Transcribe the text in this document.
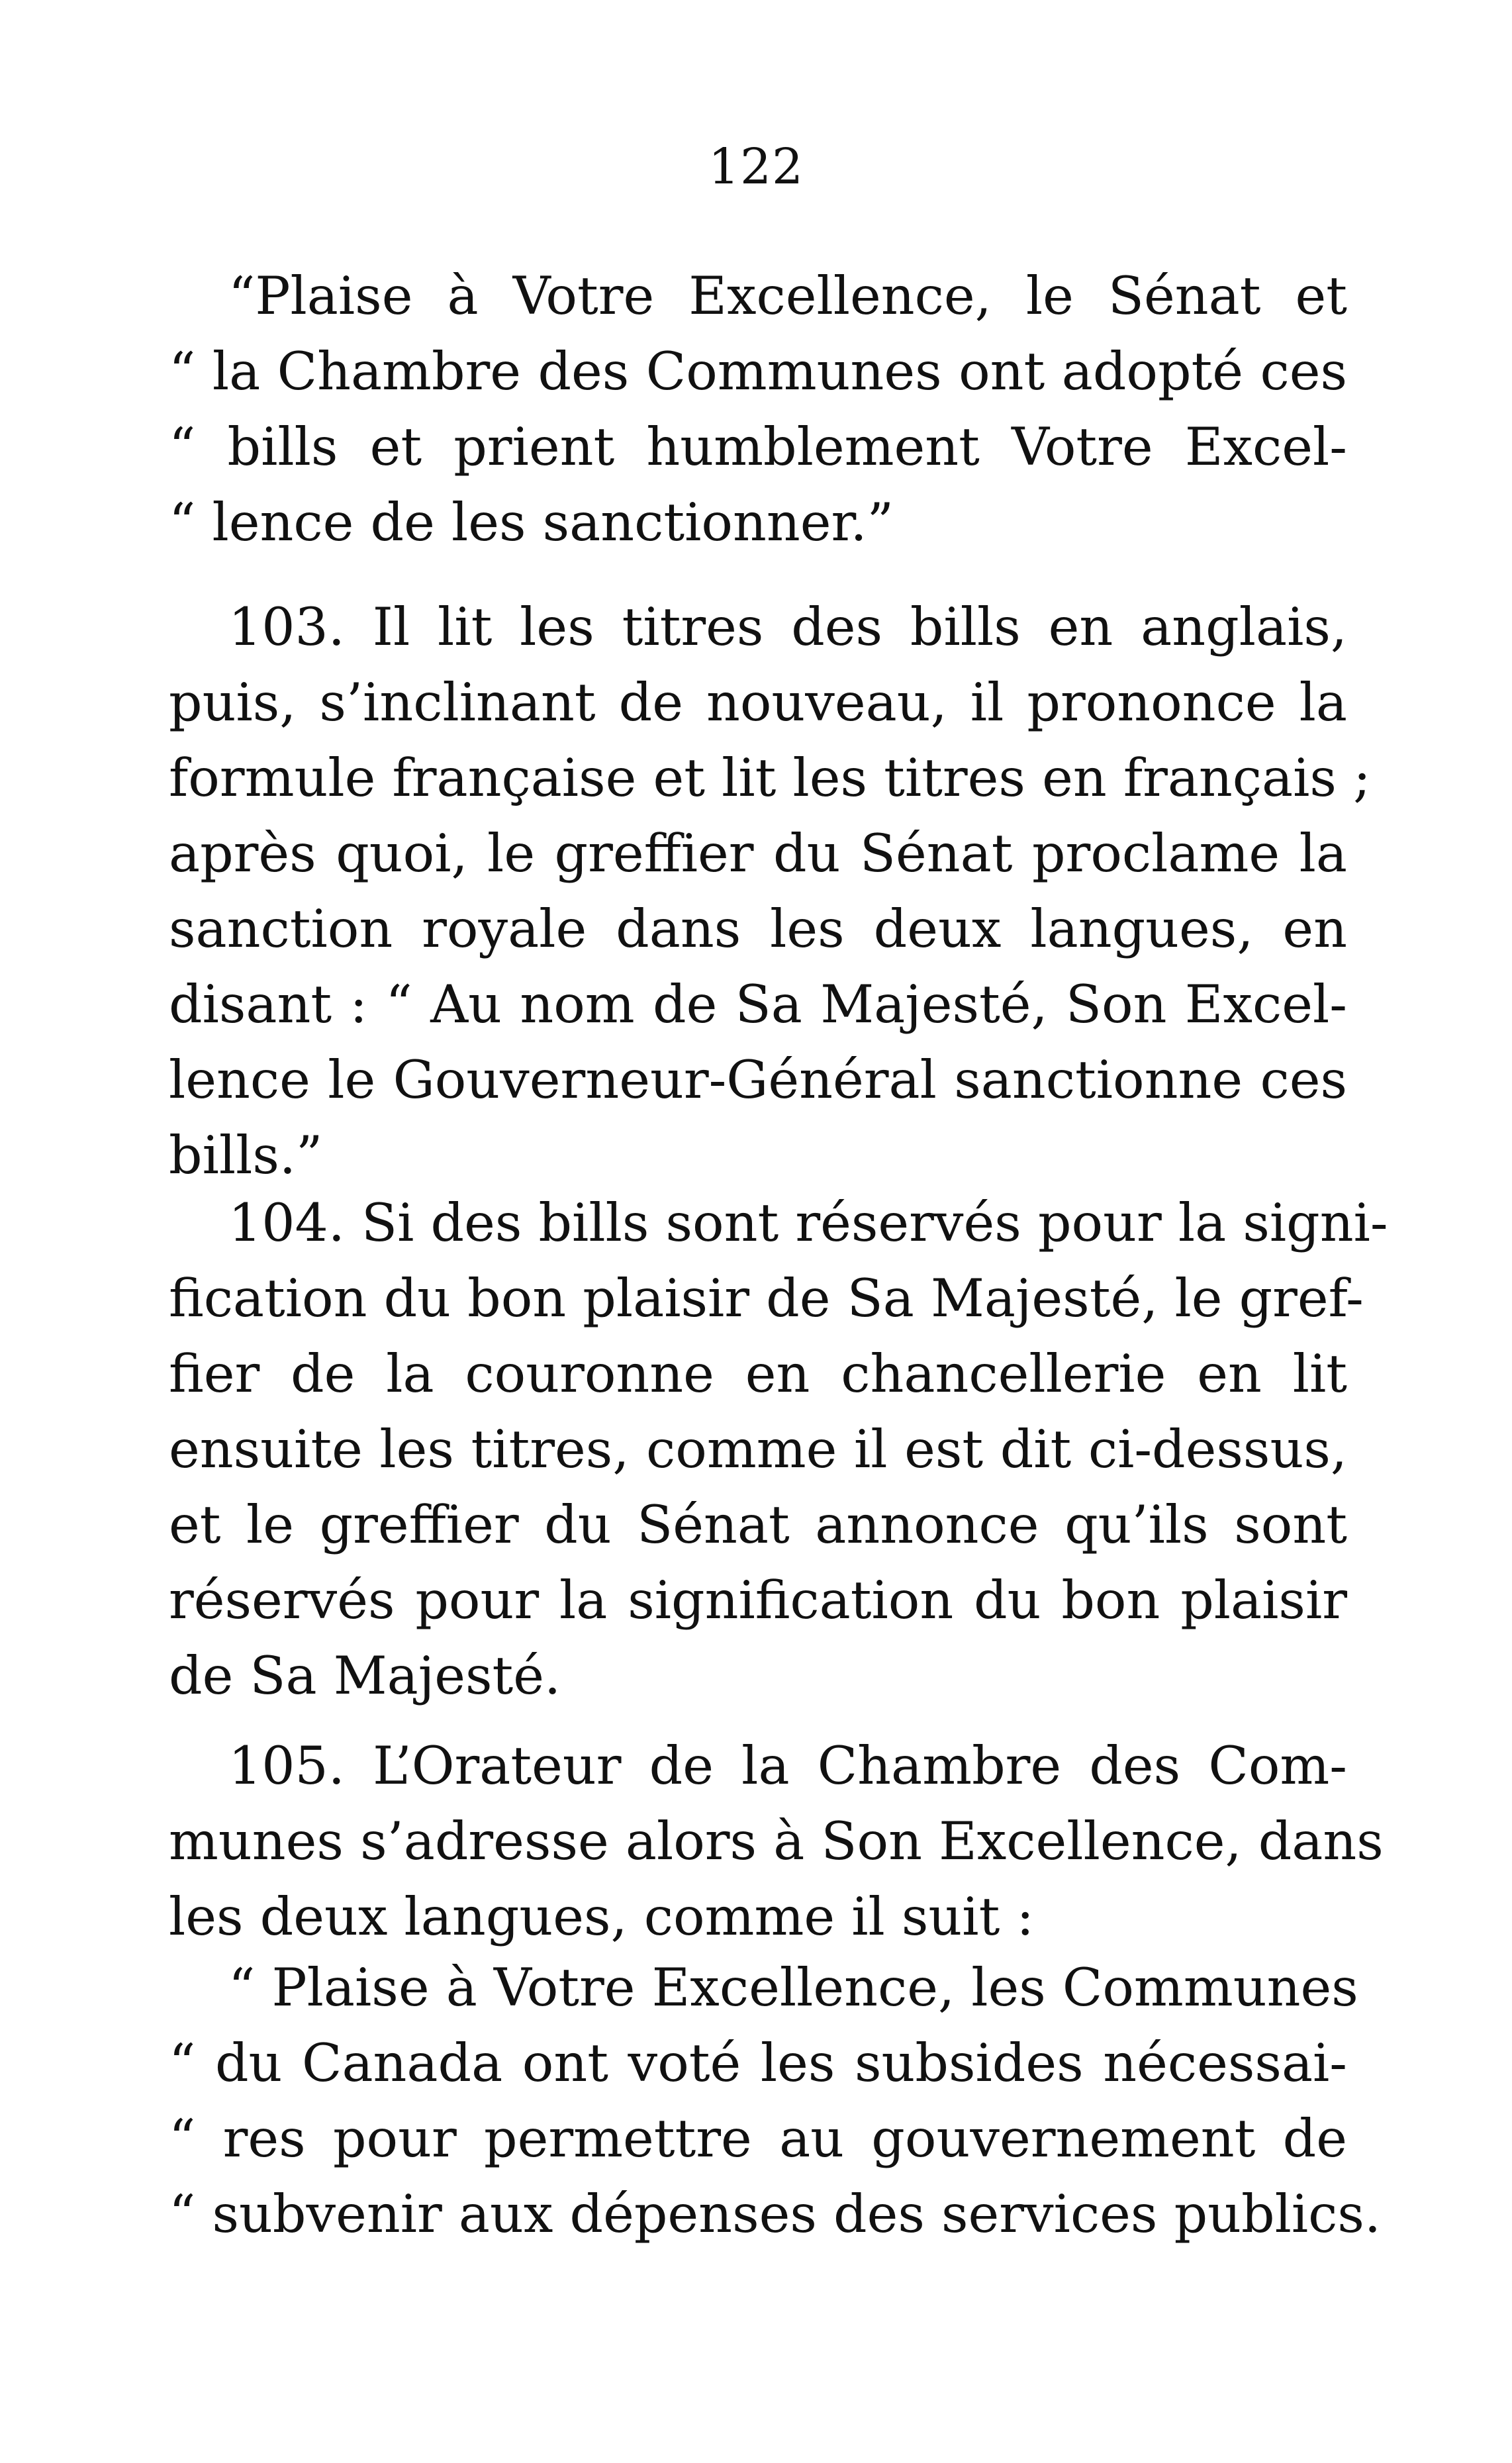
122
“Plaise à Votre Excellence, le Sénat et
“ la Chambre des Communes ont adopté ces
“ bills et prient humblement Votre Excel-
“ lence de les sanctionner.”
103. Il lit les titres des bills en anglais,
puis, s’inclinant de nouveau, il prononce la
formule française et lit les titres en français ;
après quoi, le greffier du Sénat proclame la
sanction royale dans les deux langues, en
disant : “ Au nom de Sa Majesté, Son Excel-
lence le Gouverneur-Général sanctionne ces
bills.”
104. Si des bills sont réservés pour la signi-
fication du bon plaisir de Sa Majesté, le gref-
fier de la couronne en chancellerie en lit
ensuite les titres, comme il est dit ci-dessus,
et le greffier du Sénat annonce qu’ils sont
réservés pour la signification du bon plaisir
de Sa Majesté.
105. L’Orateur de la Chambre des Com-
munes s’adresse alors à Son Excellence, dans
les deux langues, comme il suit :
“ Plaise à Votre Excellence, les Communes
“ du Canada ont voté les subsides nécessai-
“ res pour permettre au gouvernement de
“ subvenir aux dépenses des services publics.
